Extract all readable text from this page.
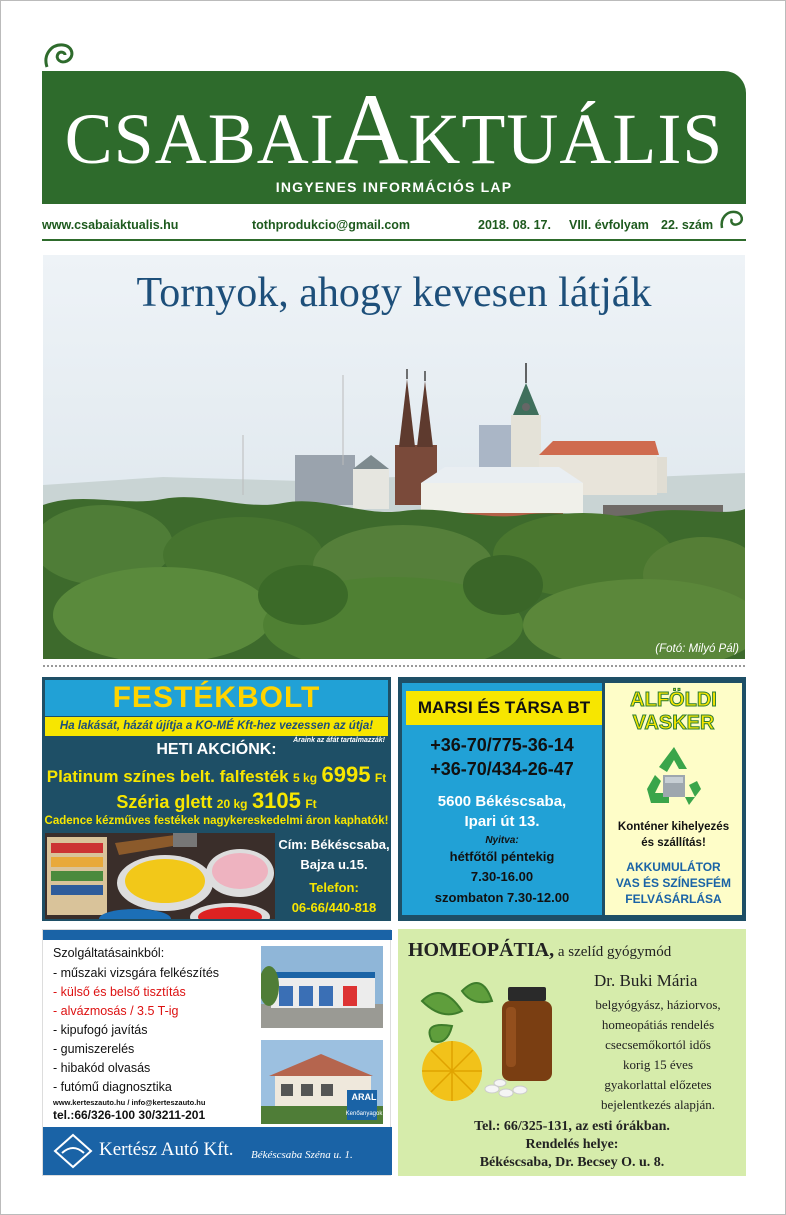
CSABAIAKTUÁLIS
INGYENES INFORMÁCIÓS LAP
www.csabaiaktualis.hu	tothprodukcio@gmail.com	2018. 08. 17. VIII. évfolyam 22. szám
Tornyok, ahogy kevesen látják
(Fotó: Milyó Pál)
FESTÉKBOLT
Ha lakását, házát újítja a KO-MÉ Kft-hez vezessen az útja!
Áraink az áfát tartalmazzák!
HETI AKCIÓNK:
Platinum színes belt. falfesték 5 kg 6995 Ft
Széria glett 20 kg 3105 Ft
Cadence kézműves festékek nagykereskedelmi áron kaphatók!
Cím: Békéscsaba,
Bajza u.15.
Telefon:
06-66/440-818
MARSI ÉS TÁRSA BT
+36-70/775-36-14
+36-70/434-26-47
5600 Békéscsaba,
Ipari út 13.
Nyitva:
hétfőtől péntekig
7.30-16.00
szombaton 7.30-12.00
ALFÖLDI
VASKER
Konténer kihelyezés
és szállítás!
AKKUMULÁTOR
VAS ÉS SZÍNESFÉM
FELVÁSÁRLÁSA
Szolgáltatásainkból:
- műszaki vizsgára felkészítés
- külső és belső tisztítás
- alvázmosás / 3.5 T-ig
- kipufogó javítás
- gumiszerelés
- hibakód olvasás
- futómű diagnosztika
www.kerteszauto.hu / info@kerteszauto.hu
tel.:66/326-100 30/3211-201
ARAL
Kenőanyagok
Kertész Autó Kft. Békéscsaba Szénа u. 1.
HOMEOPÁTIA, a szelíd gyógymód
Dr. Buki Mária
belgyógyász, háziorvos,
homeopátiás rendelés
csecsemőkortól idős
korig 15 éves
gyakorlattal előzetes
bejelentkezés alapján.
Tel.: 66/325-131, az esti órákban.
Rendelés helye:
Békéscsaba, Dr. Becsey O. u. 8.
